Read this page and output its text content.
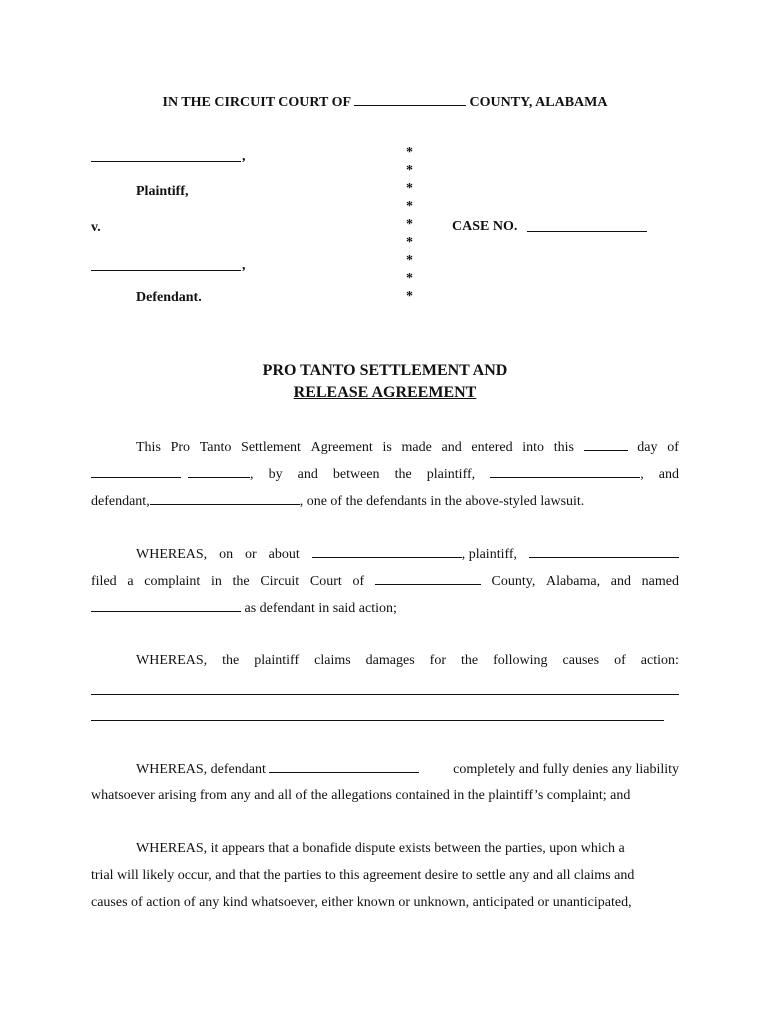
IN THE CIRCUIT COURT OF	COUNTY, ALABAMA
,
Plaintiff,
v.
,
Defendant.
*
*
*
*
*
*
*
*
*
CASE NO.
PRO TANTO SETTLEMENT AND
RELEASE AGREEMENT
This Pro Tanto Settlement Agreement is made and entered into this	day of
, by and between the plaintiff,	, and
defendant,	, one of the defendants in the above-styled lawsuit.
WHEREAS, on or about	, plaintiff,
filed a complaint in the Circuit Court of	County, Alabama, and named
as defendant in said action;
WHEREAS, the plaintiff claims damages for the following causes of action:
WHEREAS, defendant	completely and fully denies any liability
whatsoever arising from any and all of the allegations contained in the plaintiff’s complaint; and
WHEREAS, it appears that a bonafide dispute exists between the parties, upon which a
trial will likely occur, and that the parties to this agreement desire to settle any and all claims and
causes of action of any kind whatsoever, either known or unknown, anticipated or unanticipated,
